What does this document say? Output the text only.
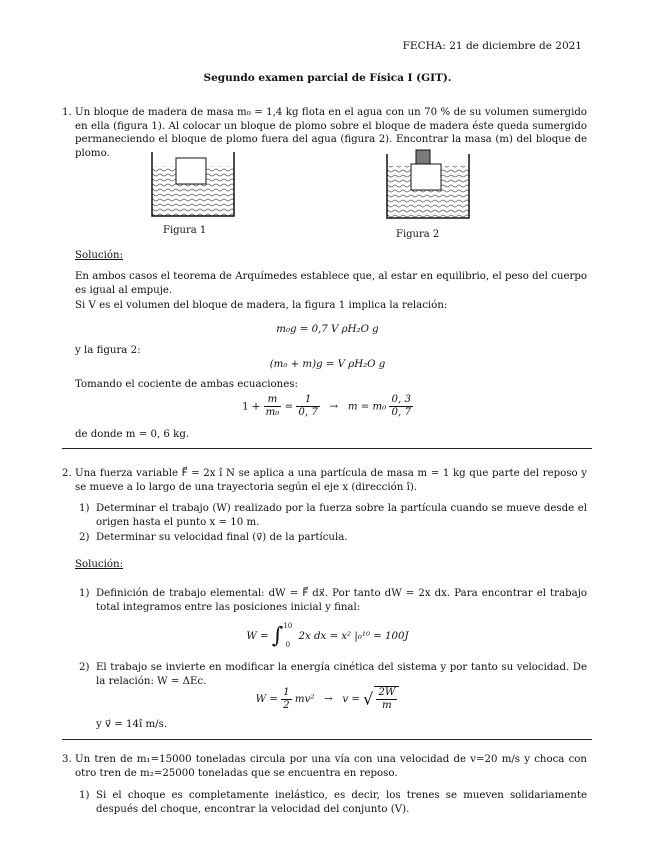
FECHA: 21 de diciembre de 2021
Segundo examen parcial de Física I (GIT).
1. Un bloque de madera de masa m₀ = 1,4 kg flota en el agua con un 70 % de su volumen sumergido en ella (figura 1). Al colocar un bloque de plomo sobre el bloque de madera éste queda sumergido permaneciendo el bloque de plomo fuera del agua (figura 2). Encontrar la masa (m) del bloque de plomo.
Figura 1	Figura 2
Solución:
En ambos casos el teorema de Arquímedes establece que, al estar en equilibrio, el peso del cuerpo es igual al empuje.
Si V es el volumen del bloque de madera, la figura 1 implica la relación:
m₀g = 0,7 V ρH₂O g
y la figura 2:
(m₀ + m)g = V ρH₂O g
Tomando el cociente de ambas ecuaciones:
$1 + \frac{m}{\text{m₀}} = \frac{1}{0, 7} \to m = m_0 \frac{0, 3}{0, 7}$
de donde m = 0, 6 kg.
2. Una fuerza variable F⃗ = 2x î N se aplica a una partícula de masa m = 1 kg que parte del reposo y se mueve a lo largo de una trayectoria según el eje x (dirección î).
1) Determinar el trabajo (W) realizado por la fuerza sobre la partícula cuando se mueve desde el origen hasta el punto x = 10 m.
2) Determinar su velocidad final (v⃗) de la partícula.
Solución:
1) Definición de trabajo elemental: dW = F⃗ dx⃗. Por tanto dW = 2x dx. Para encontrar el trabajo total integramos entre las posiciones inicial y final:
W = ∫ 10
0
2x dx = x² |₀¹⁰ = 100J
2) El trabajo se invierte en modificar la energía cinética del sistema y por tanto su velocidad. De la relación: W = ΔEc.
$W = \frac{1}{2} mv^2 \to v$ = √ $\frac{2W}{m}$
y v⃗ = 14î m/s.
3. Un tren de m₁=15000 toneladas circula por una vía con una velocidad de v=20 m/s y choca con otro tren de m₂=25000 toneladas que se encuentra en reposo.
1) Si el choque es completamente inelástico, es decir, los trenes se mueven solidariamente después del choque, encontrar la velocidad del conjunto (V).
